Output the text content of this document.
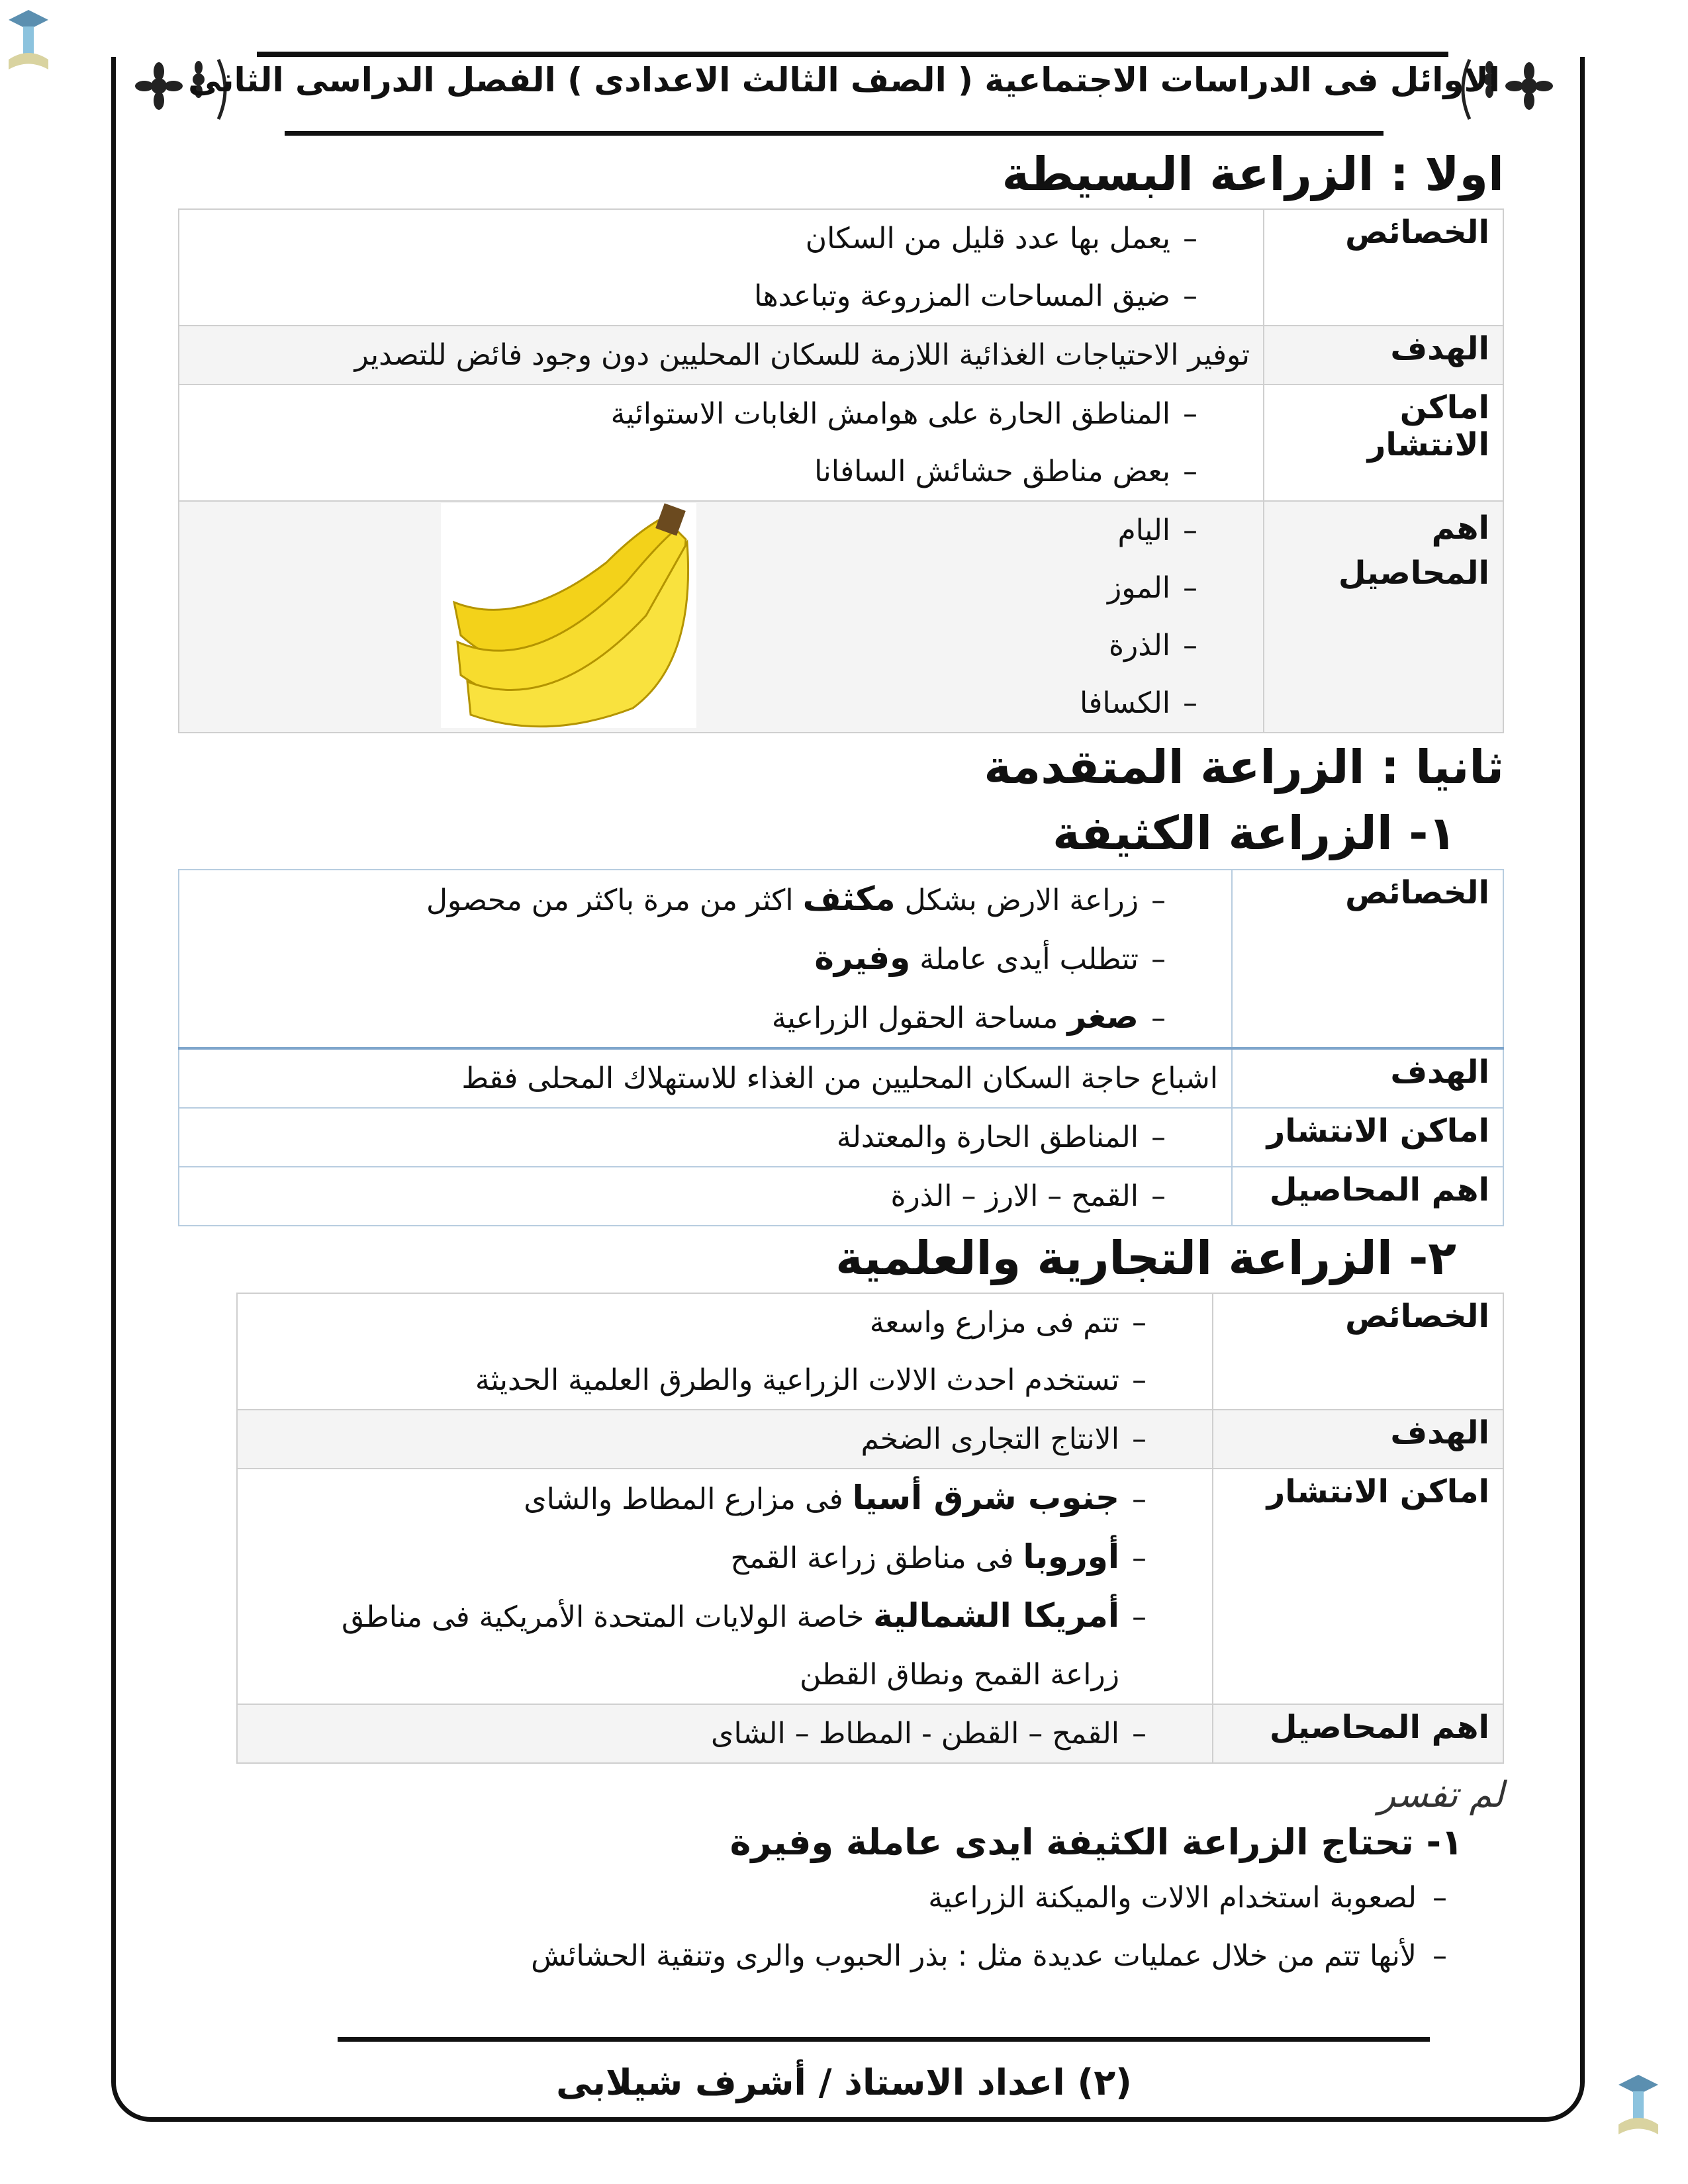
الاوائل فى الدراسات الاجتماعية ( الصف الثالث الاعدادى ) الفصل الدراسى الثانى
اولا : الزراعة البسيطة
الخصائص	–يعمل بها عدد قليل من السكان
–ضيق المساحات المزروعة وتباعدها

الهدف	توفير الاحتياجات الغذائية اللازمة للسكان المحليين دون وجود فائض للتصدير

اماكن الانتشار	–المناطق الحارة على هوامش الغابات الاستوائية
–بعض مناطق حشائش السافانا

اهم المحاصيل	–اليام
–الموز
–الذرة
–الكسافا
ثانيا : الزراعة المتقدمة
١- الزراعة الكثيفة
الخصائص	–زراعة الارض بشكل مكثف اكثر من مرة باكثر من محصول
–تتطلب أيدى عاملة وفيرة
–صغر مساحة الحقول الزراعية

الهدف	اشباع حاجة السكان المحليين من الغذاء للاستهلاك المحلى فقط

اماكن الانتشار	–المناطق الحارة والمعتدلة

اهم المحاصيل	–القمح – الارز – الذرة
٢- الزراعة التجارية والعلمية
الخصائص	–تتم فى مزارع واسعة
–تستخدم احدث الالات الزراعية والطرق العلمية الحديثة

الهدف	–الانتاج التجارى الضخم

اماكن الانتشار	–جنوب شرق أسيا فى مزارع المطاط والشاى
–أوروبا فى مناطق زراعة القمح
–أمريكا الشمالية خاصة الولايات المتحدة الأمريكية فى مناطق
زراعة القمح ونطاق القطن

اهم المحاصيل	–القمح – القطن - المطاط – الشاى
لم تفسر
١- تحتاج الزراعة الكثيفة ايدى عاملة وفيرة
–لصعوبة استخدام الالات والميكنة الزراعية
–لأنها تتم من خلال عمليات عديدة مثل : بذر الحبوب والرى وتنقية الحشائش
(٢) اعداد الاستاذ / أشرف شيلابى
